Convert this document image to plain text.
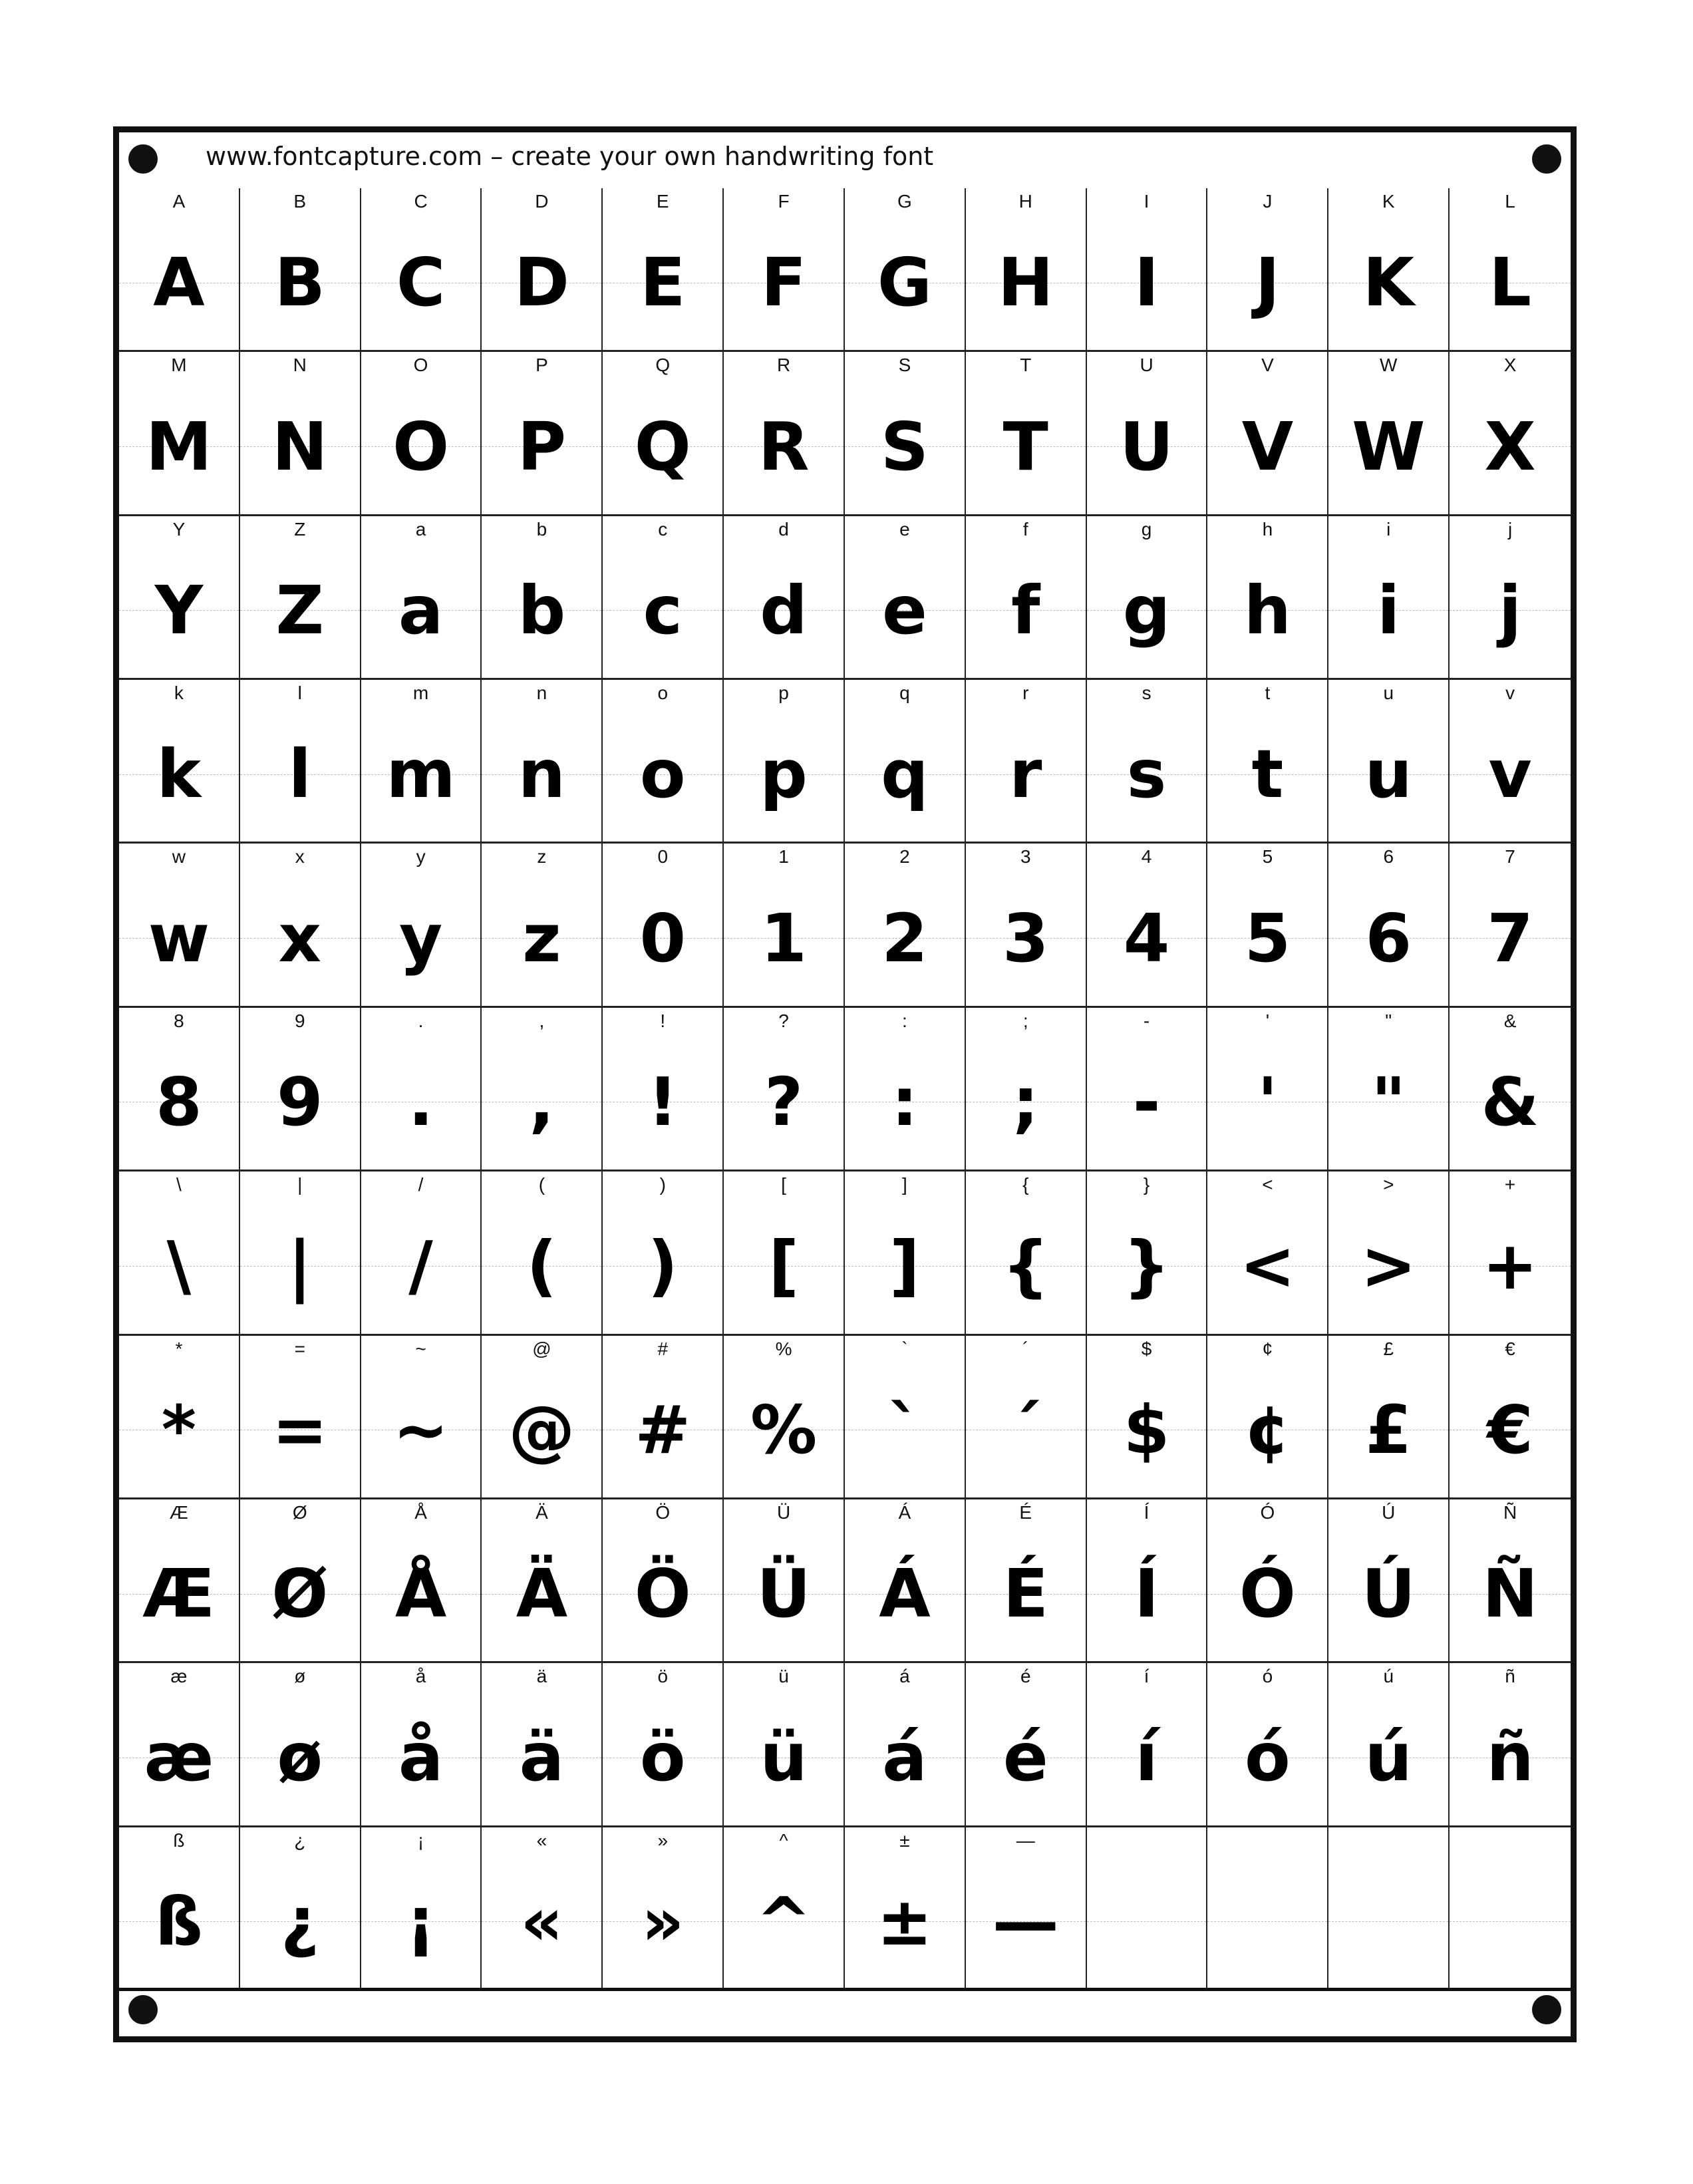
www.fontcapture.com – create your own handwriting font
A
A
B
B
C
C
D
D
E
E
F
F
G
G
H
H
I
I
J
J
K
K
L
L
M
M
N
N
O
O
P
P
Q
Q
R
R
S
S
T
T
U
U
V
V
W
W
X
X
Y
Y
Z
Z
a
a
b
b
c
c
d
d
e
e
f
f
g
g
h
h
i
i
j
j
k
k
l
l
m
m
n
n
o
o
p
p
q
q
r
r
s
s
t
t
u
u
v
v
w
w
x
x
y
y
z
z
0
0
1
1
2
2
3
3
4
4
5
5
6
6
7
7
8
8
9
9
.
.
,
,
!
!
?
?
:
:
;
;
-
-
'
'
"
"
&
&
\
\
|
|
/
/
(
(
)
)
[
[
]
]
{
{
}
}
<
<
>
>
+
+
*
*
=
=
~
~
@
@
#
#
%
%
`
`
´
´
$
$
¢
¢
£
£
€
€
Æ
Æ
Ø
Ø
Å
Å
Ä
Ä
Ö
Ö
Ü
Ü
Á
Á
É
É
Í
Í
Ó
Ó
Ú
Ú
Ñ
Ñ
æ
æ
ø
ø
å
å
ä
ä
ö
ö
ü
ü
á
á
é
é
í
í
ó
ó
ú
ú
ñ
ñ
ß
ß
¿
¿
¡
¡
«
«
»
»
^
^
±
±
—
—
